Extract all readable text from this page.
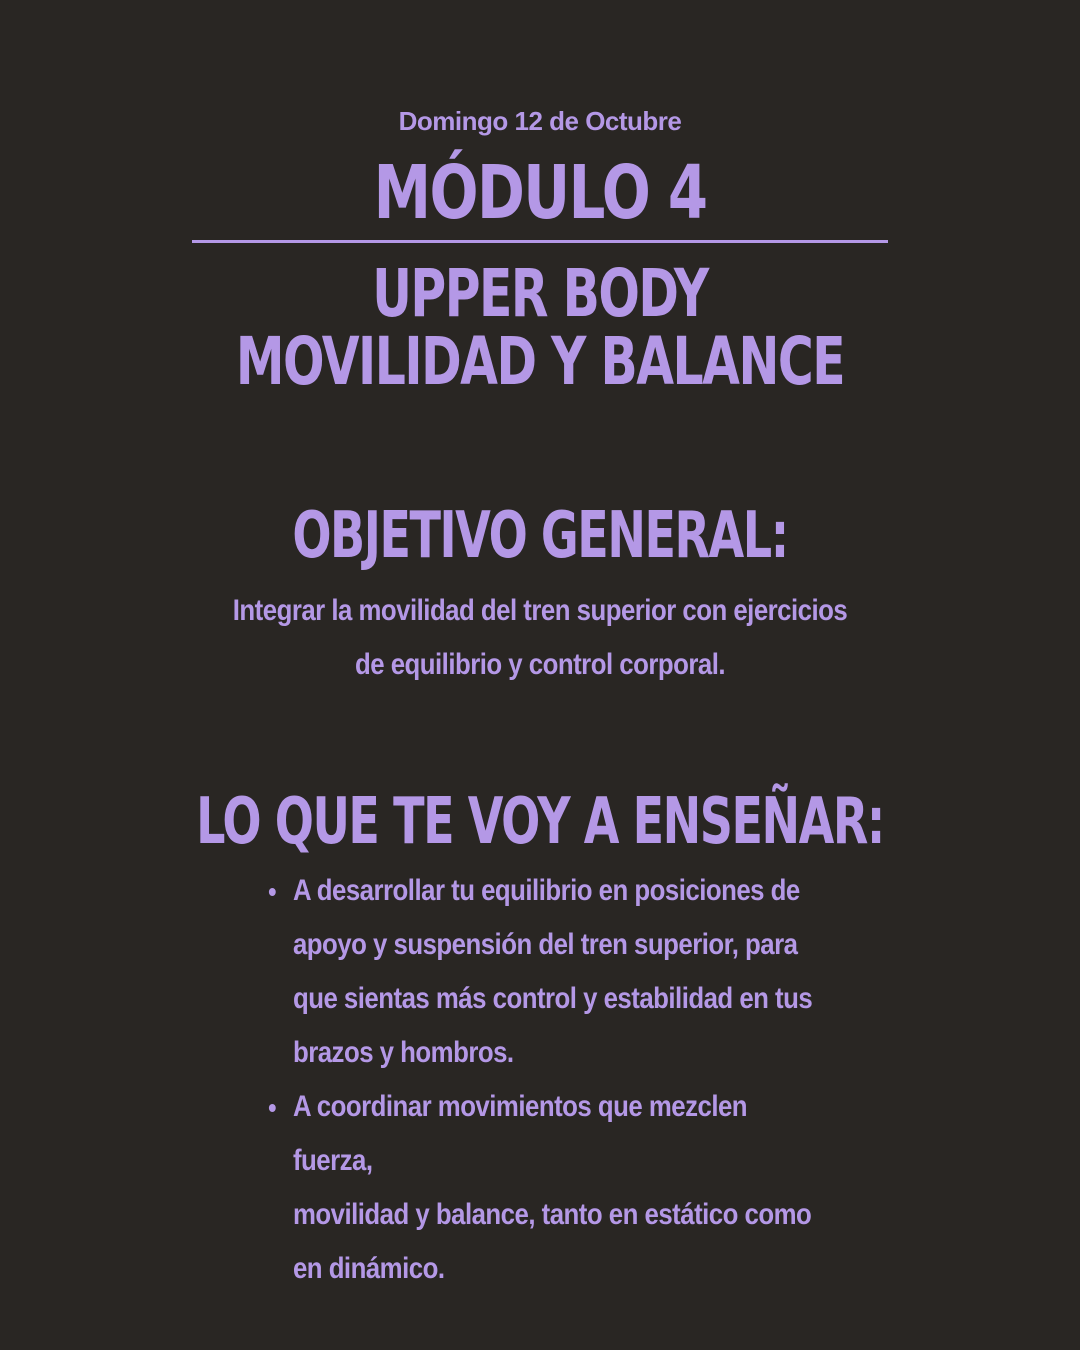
Domingo 12 de Octubre
MÓDULO 4
UPPER BODY
MOVILIDAD Y BALANCE
OBJETIVO GENERAL:
Integrar la movilidad del tren superior con ejercicios
de equilibrio y control corporal.
LO QUE TE VOY A ENSEÑAR:
A desarrollar tu equilibrio en posiciones de
apoyo y suspensión del tren superior, para
que sientas más control y estabilidad en tus
brazos y hombros.
A coordinar movimientos que mezclen fuerza,
movilidad y balance, tanto en estático como
en dinámico.
